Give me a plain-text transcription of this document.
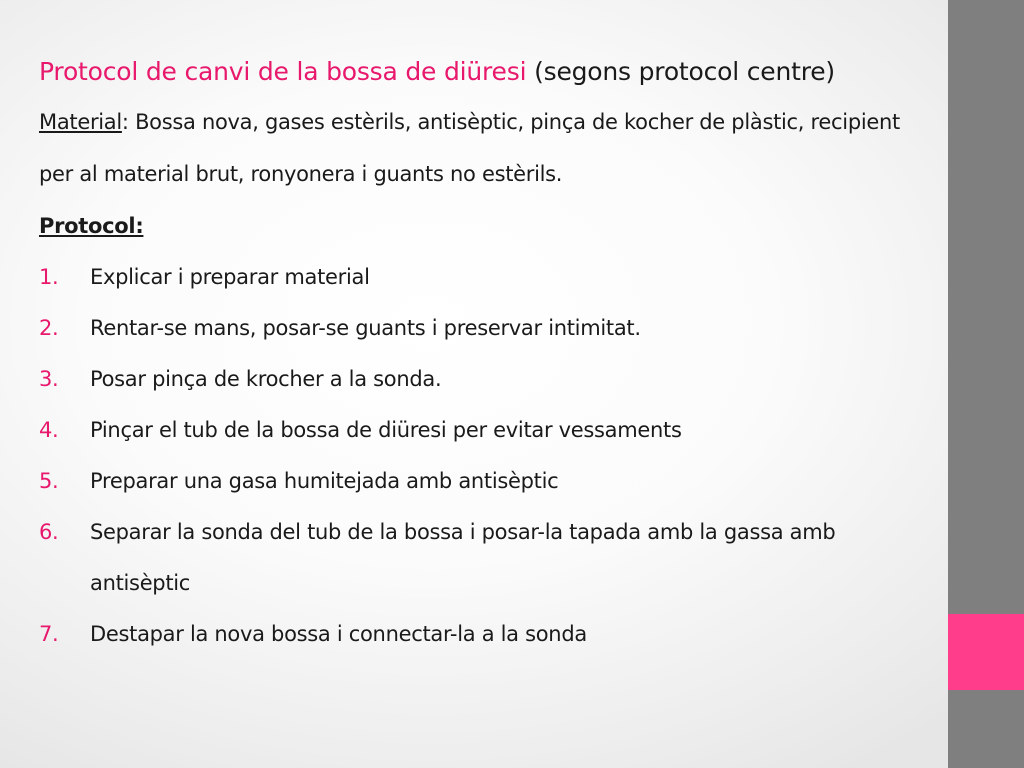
Protocol de canvi de la bossa de diüresi (segons protocol centre)
Material: Bossa nova, gases estèrils, antisèptic, pinça de kocher de plàstic, recipient per al material brut, ronyonera i guants no estèrils.
Protocol:
1.	Explicar i preparar material
2.	Rentar-se mans, posar-se guants i preservar intimitat.
3.	Posar pinça de krocher a la sonda.
4.	Pinçar el tub de la bossa de diüresi per evitar vessaments
5.	Preparar una gasa humitejada amb antisèptic
6.	Separar la sonda del tub de la bossa i posar-la tapada amb la gassa amb antisèptic
7.	Destapar la nova bossa i connectar-la a la sonda
